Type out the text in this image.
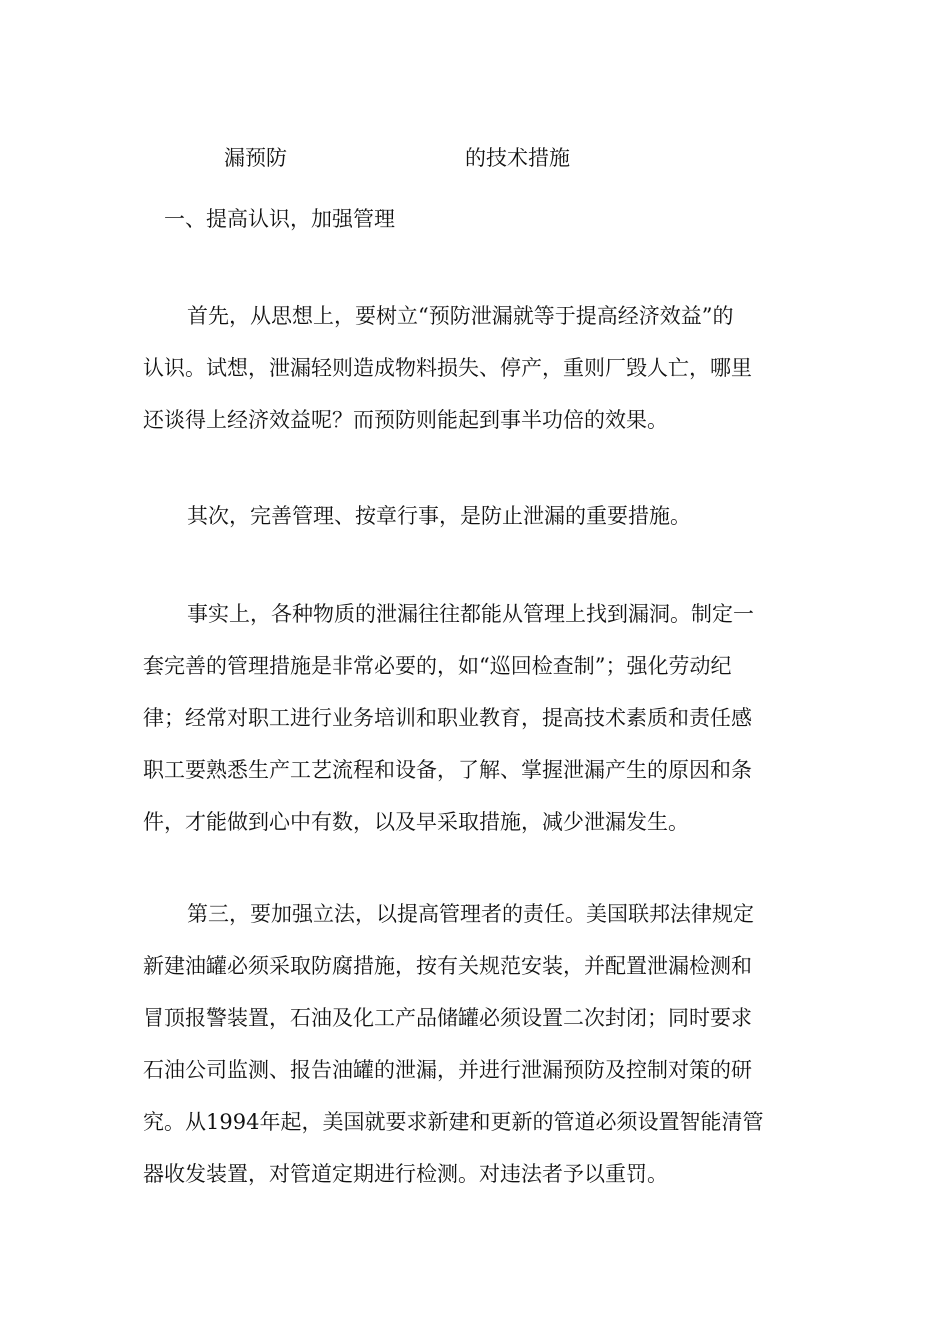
漏预防	的技术措施
一、提高认识，加强管理
首先，从思想上，要树立“预防泄漏就等于提高经济效益”的
认识。试想，泄漏轻则造成物料损失、停产，重则厂毁人亡，哪里
还谈得上经济效益呢？而预防则能起到事半功倍的效果。
其次，完善管理、按章行事，是防止泄漏的重要措施。
事实上，各种物质的泄漏往往都能从管理上找到漏洞。制定一
套完善的管理措施是非常必要的，如“巡回检查制”；强化劳动纪
律；经常对职工进行业务培训和职业教育，提高技术素质和责任感
职工要熟悉生产工艺流程和设备，了解、掌握泄漏产生的原因和条
件，才能做到心中有数，以及早采取措施，减少泄漏发生。
第三，要加强立法，以提高管理者的责任。美国联邦法律规定
新建油罐必须采取防腐措施，按有关规范安装，并配置泄漏检测和
冒顶报警装置，石油及化工产品储罐必须设置二次封闭；同时要求
石油公司监测、报告油罐的泄漏，并进行泄漏预防及控制对策的研
究。从1994年起，美国就要求新建和更新的管道必须设置智能清管
器收发装置，对管道定期进行检测。对违法者予以重罚。
